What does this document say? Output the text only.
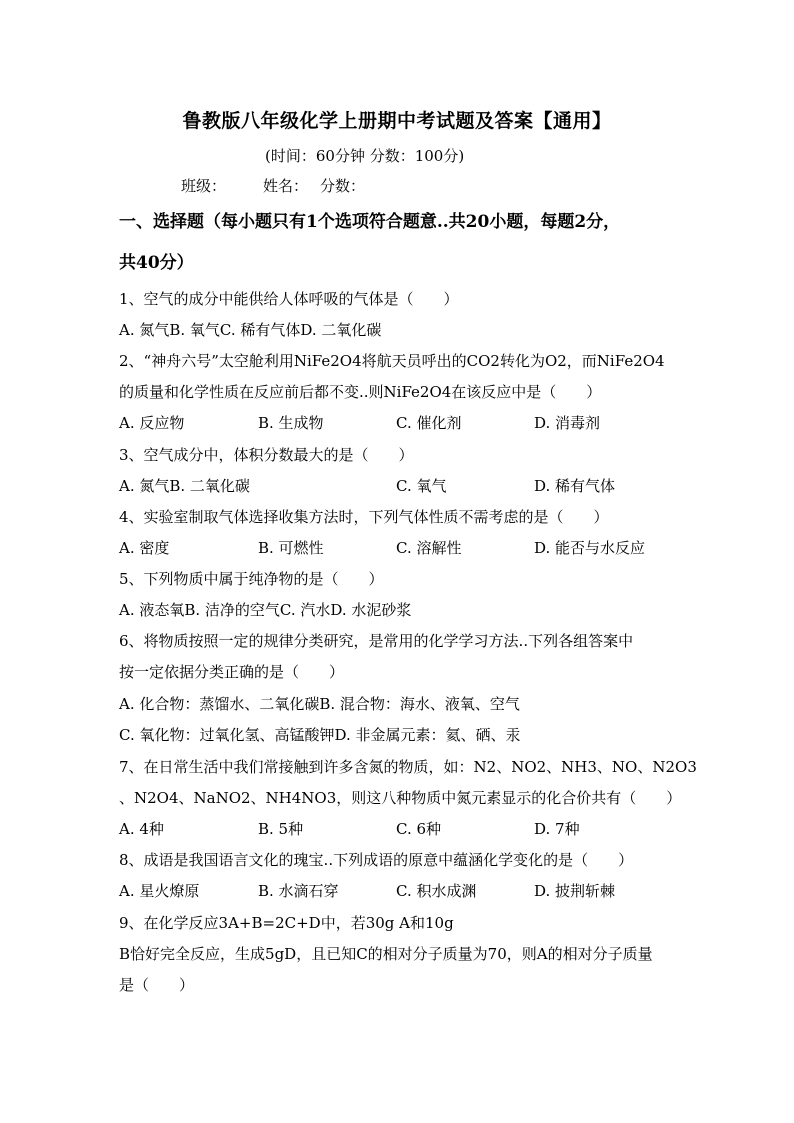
鲁教版八年级化学上册期中考试题及答案【通用】
(时间：60分钟 分数：100分)
班级： 姓名： 分数：
一、选择题（每小题只有1个选项符合题意..共20小题，每题2分，
共40分）
1、空气的成分中能供给人体呼吸的气体是（　　）
A. 氮气B. 氧气C. 稀有气体D. 二氧化碳
2、“神舟六号”太空舱利用NiFe2O4将航天员呼出的CO2转化为O2，而NiFe2O4
的质量和化学性质在反应前后都不变..则NiFe2O4在该反应中是（　　）
A. 反应物	B. 生成物	C. 催化剂	D. 消毒剂
3、空气成分中，体积分数最大的是（　　）
A. 氮气B. 二氧化碳	C. 氧气	D. 稀有气体
4、实验室制取气体选择收集方法时，下列气体性质不需考虑的是（　　）
A. 密度	B. 可燃性	C. 溶解性	D. 能否与水反应
5、下列物质中属于纯净物的是（　　）
A. 液态氧B. 洁净的空气C. 汽水D. 水泥砂浆
6、将物质按照一定的规律分类研究，是常用的化学学习方法..下列各组答案中
按一定依据分类正确的是（　　）
A. 化合物：蒸馏水、二氧化碳B. 混合物：海水、液氧、空气
C. 氧化物：过氧化氢、高锰酸钾D. 非金属元素：氦、硒、汞
7、在日常生活中我们常接触到许多含氮的物质，如：N2、NO2、NH3、NO、N2O3
、N2O4、NaNO2、NH4NO3，则这八种物质中氮元素显示的化合价共有（　　）
A. 4种	B. 5种	C. 6种	D. 7种
8、成语是我国语言文化的瑰宝..下列成语的原意中蕴涵化学变化的是（　　）
A. 星火燎原	B. 水滴石穿	C. 积水成渊	D. 披荆斩棘
9、在化学反应3A+B=2C+D中，若30g A和10g
B恰好完全反应，生成5gD，且已知C的相对分子质量为70，则A的相对分子质量
是（　　）
